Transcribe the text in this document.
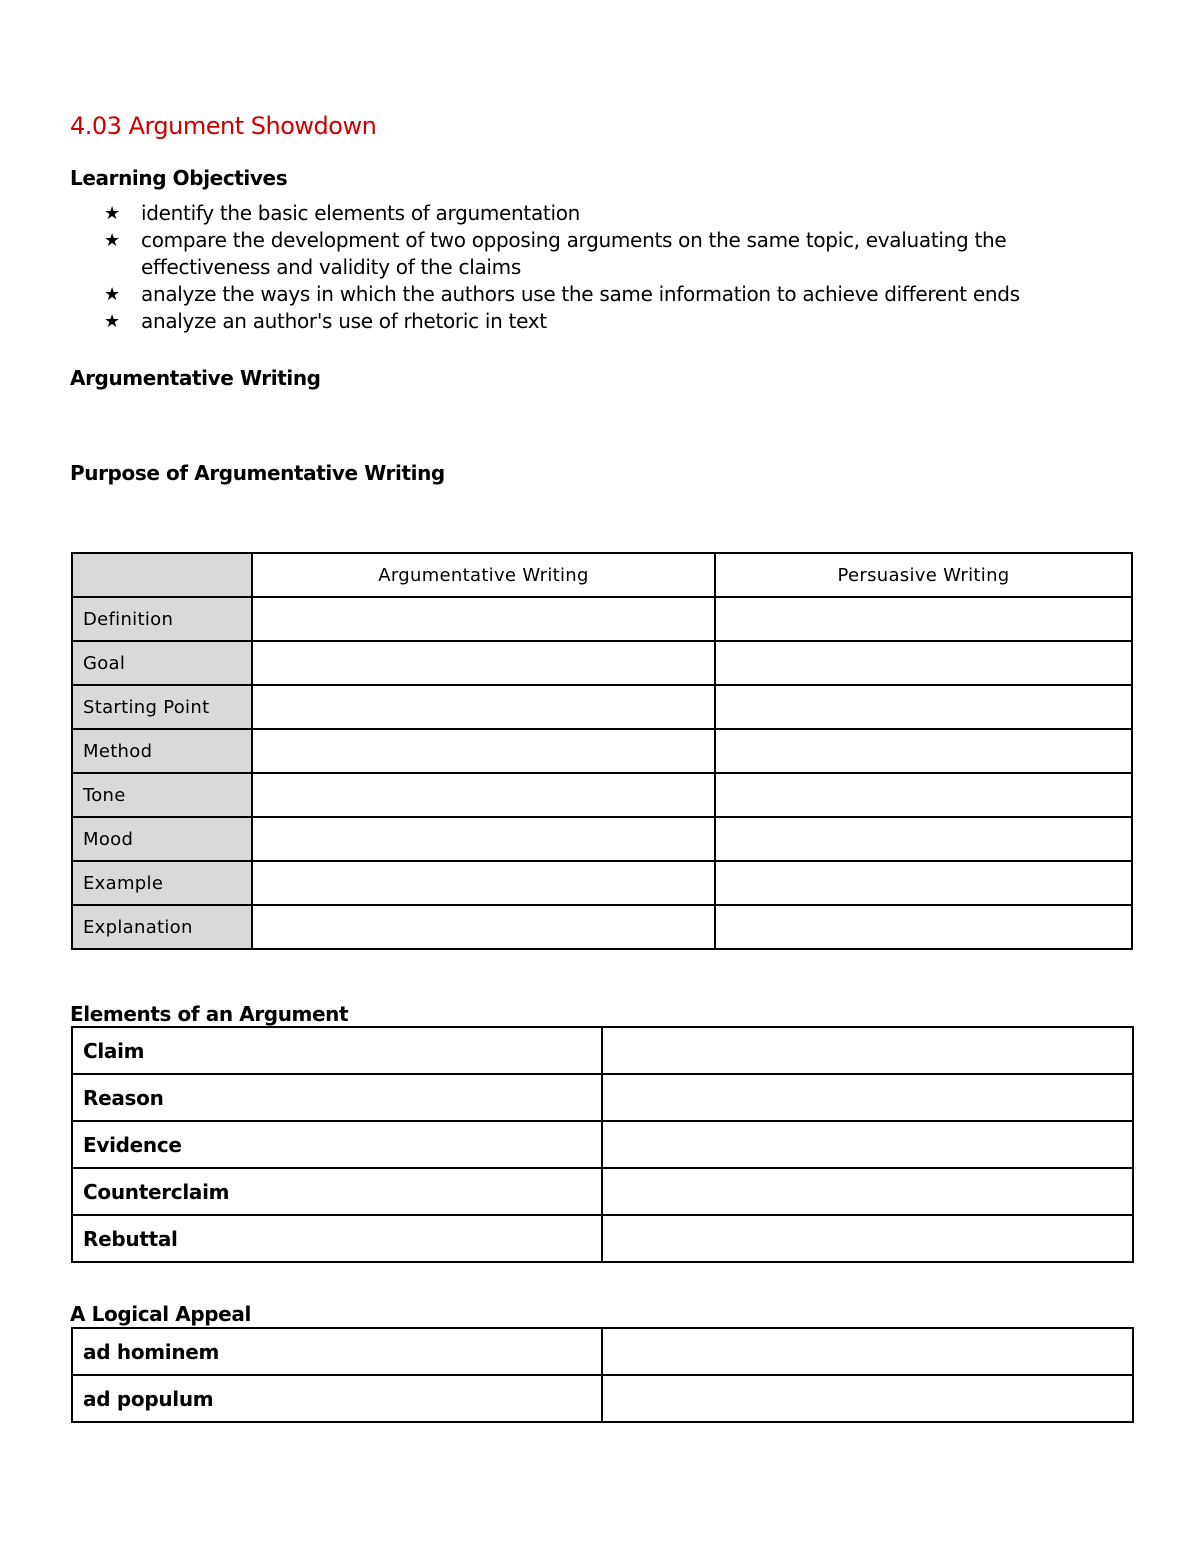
4.03 Argument Showdown
Learning Objectives
★ identify the basic elements of argumentation
★ compare the development of two opposing arguments on the same topic, evaluating the effectiveness and validity of the claims
★ analyze the ways in which the authors use the same information to achieve different ends
★ analyze an author's use of rhetoric in text
Argumentative Writing
Purpose of Argumentative Writing
	Argumentative Writing	Persuasive Writing
Definition		
Goal		
Starting Point		
Method		
Tone		
Mood		
Example		
Explanation		
Elements of an Argument
Claim	
Reason	
Evidence	
Counterclaim	
Rebuttal	
A Logical Appeal
ad hominem	
ad populum	
